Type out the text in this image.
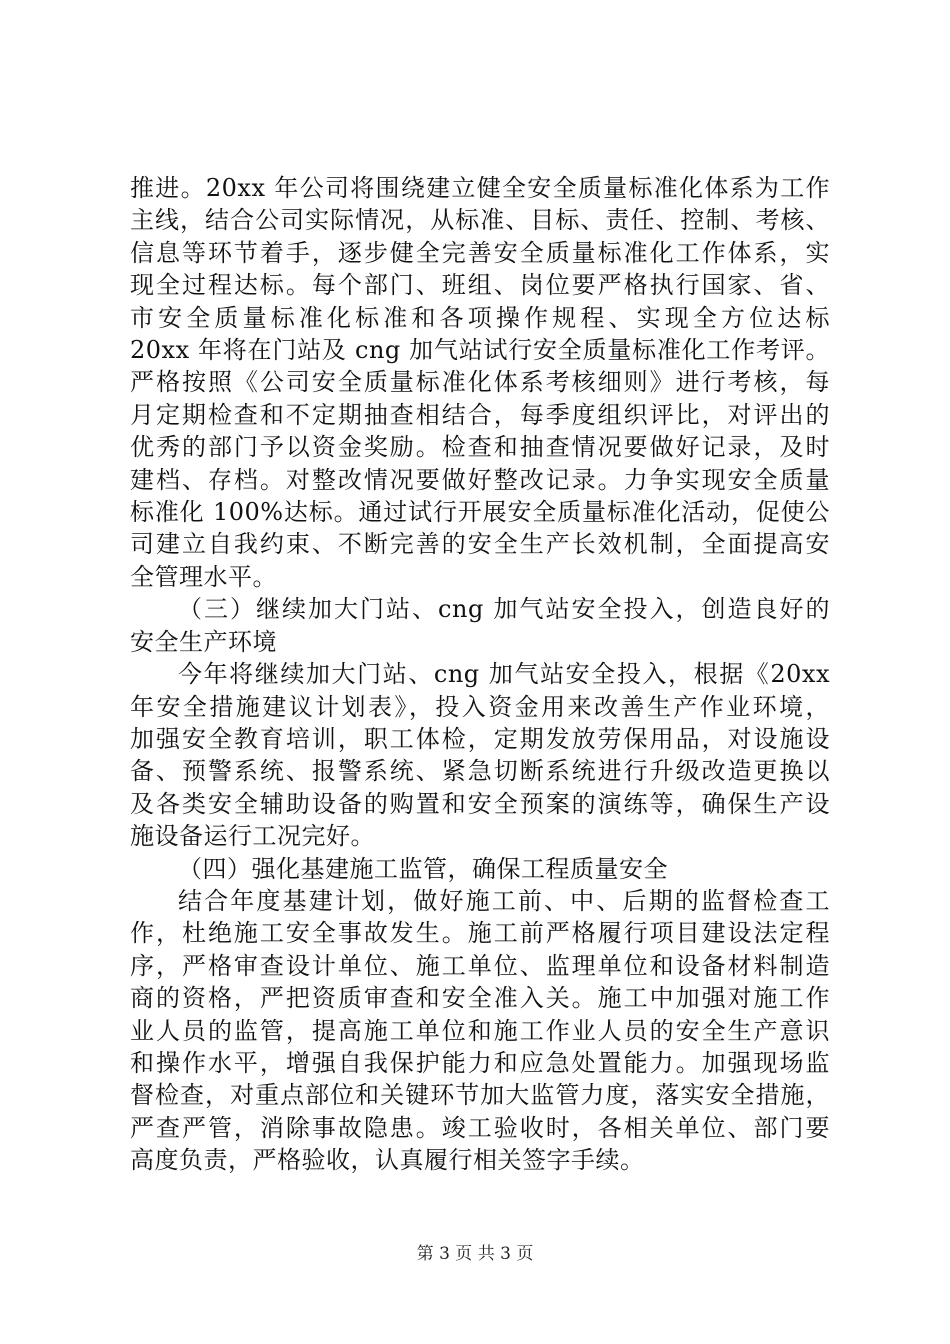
推进。20xx 年公司将围绕建立健全安全质量标准化体系为工作
主线，结合公司实际情况，从标准、目标、责任、控制、考核、
信息等环节着手，逐步健全完善安全质量标准化工作体系，实
现全过程达标。每个部门、班组、岗位要严格执行国家、省、
市安全质量标准化标准和各项操作规程、实现全方位达标
20xx 年将在门站及 cng 加气站试行安全质量标准化工作考评。
严格按照《公司安全质量标准化体系考核细则》进行考核，每
月定期检查和不定期抽查相结合，每季度组织评比，对评出的
优秀的部门予以资金奖励。检查和抽查情况要做好记录，及时
建档、存档。对整改情况要做好整改记录。力争实现安全质量
标准化 100%达标。通过试行开展安全质量标准化活动，促使公
司建立自我约束、不断完善的安全生产长效机制，全面提高安
全管理水平。
（三）继续加大门站、cng 加气站安全投入，创造良好的
安全生产环境
今年将继续加大门站、cng 加气站安全投入，根据《20xx
年安全措施建议计划表》，投入资金用来改善生产作业环境，
加强安全教育培训，职工体检，定期发放劳保用品，对设施设
备、预警系统、报警系统、紧急切断系统进行升级改造更换以
及各类安全辅助设备的购置和安全预案的演练等，确保生产设
施设备运行工况完好。
（四）强化基建施工监管，确保工程质量安全
结合年度基建计划，做好施工前、中、后期的监督检查工
作，杜绝施工安全事故发生。施工前严格履行项目建设法定程
序，严格审查设计单位、施工单位、监理单位和设备材料制造
商的资格，严把资质审查和安全准入关。施工中加强对施工作
业人员的监管，提高施工单位和施工作业人员的安全生产意识
和操作水平，增强自我保护能力和应急处置能力。加强现场监
督检查，对重点部位和关键环节加大监管力度，落实安全措施，
严查严管，消除事故隐患。竣工验收时，各相关单位、部门要
高度负责，严格验收，认真履行相关签字手续。
第 3 页 共 3 页
